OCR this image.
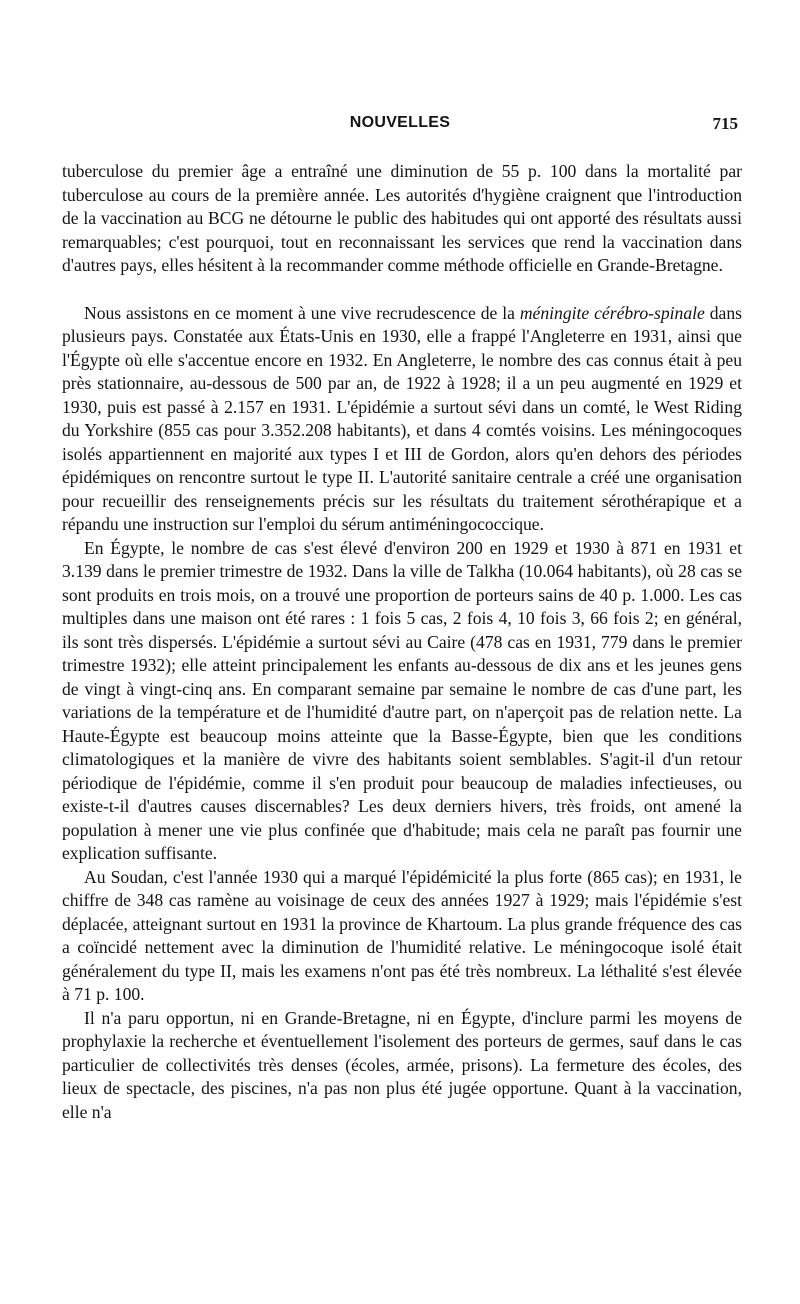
NOUVELLES	715

tuberculose du premier âge a entraîné une diminution de 55 p. 100 dans la mortalité par tuberculose au cours de la première année. Les autorités d'hygiène craignent que l'introduction de la vaccination au BCG ne détourne le public des habitudes qui ont apporté des résultats aussi remarquables; c'est pourquoi, tout en reconnaissant les services que rend la vaccination dans d'autres pays, elles hésitent à la recommander comme méthode officielle en Grande-Bretagne.

Nous assistons en ce moment à une vive recrudescence de la méningite cérébro-spinale dans plusieurs pays. Constatée aux États-Unis en 1930, elle a frappé l'Angleterre en 1931, ainsi que l'Égypte où elle s'accentue encore en 1932. En Angleterre, le nombre des cas connus était à peu près stationnaire, au-dessous de 500 par an, de 1922 à 1928; il a un peu augmenté en 1929 et 1930, puis est passé à 2.157 en 1931. L'épidémie a surtout sévi dans un comté, le West Riding du Yorkshire (855 cas pour 3.352.208 habitants), et dans 4 comtés voisins. Les méningocoques isolés appartiennent en majorité aux types I et III de Gordon, alors qu'en dehors des périodes épidémiques on rencontre surtout le type II. L'autorité sanitaire centrale a créé une organisation pour recueillir des renseignements précis sur les résultats du traitement sérothérapique et a répandu une instruction sur l'emploi du sérum antiméningococcique.

En Égypte, le nombre de cas s'est élevé d'environ 200 en 1929 et 1930 à 871 en 1931 et 3.139 dans le premier trimestre de 1932. Dans la ville de Talkha (10.064 habitants), où 28 cas se sont produits en trois mois, on a trouvé une proportion de porteurs sains de 40 p. 1.000. Les cas multiples dans une maison ont été rares : 1 fois 5 cas, 2 fois 4, 10 fois 3, 66 fois 2; en général, ils sont très dispersés. L'épidémie a surtout sévi au Caire (478 cas en 1931, 779 dans le premier trimestre 1932); elle atteint principalement les enfants au-dessous de dix ans et les jeunes gens de vingt à vingt-cinq ans. En comparant semaine par semaine le nombre de cas d'une part, les variations de la température et de l'humidité d'autre part, on n'aperçoit pas de relation nette. La Haute-Égypte est beaucoup moins atteinte que la Basse-Égypte, bien que les conditions climatologiques et la manière de vivre des habitants soient semblables. S'agit-il d'un retour périodique de l'épidémie, comme il s'en produit pour beaucoup de maladies infectieuses, ou existe-t-il d'autres causes discernables? Les deux derniers hivers, très froids, ont amené la population à mener une vie plus confinée que d'habitude; mais cela ne paraît pas fournir une explication suffisante.

Au Soudan, c'est l'année 1930 qui a marqué l'épidémicité la plus forte (865 cas); en 1931, le chiffre de 348 cas ramène au voisinage de ceux des années 1927 à 1929; mais l'épidémie s'est déplacée, atteignant surtout en 1931 la province de Khartoum. La plus grande fréquence des cas a coïncidé nettement avec la diminution de l'humidité relative. Le méningocoque isolé était généralement du type II, mais les examens n'ont pas été très nombreux. La léthalité s'est élevée à 71 p. 100.

Il n'a paru opportun, ni en Grande-Bretagne, ni en Égypte, d'inclure parmi les moyens de prophylaxie la recherche et éventuellement l'isolement des porteurs de germes, sauf dans le cas particulier de collectivités très denses (écoles, armée, prisons). La fermeture des écoles, des lieux de spectacle, des piscines, n'a pas non plus été jugée opportune. Quant à la vaccination, elle n'a
